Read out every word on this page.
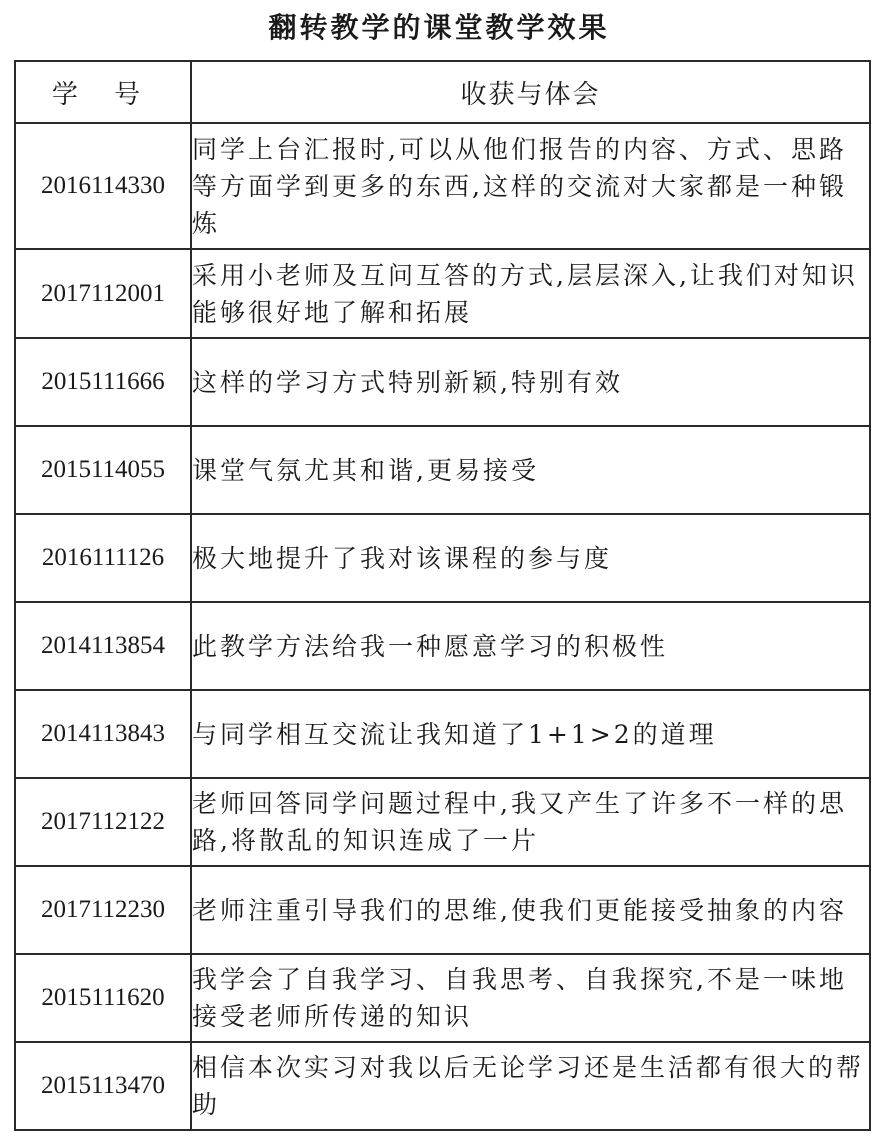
翻转教学的课堂教学效果
学 号	收获与体会
2016114330	同学上台汇报时,可以从他们报告的内容、方式、思路等方面学到更多的东西,这样的交流对大家都是一种锻炼
2017112001	采用小老师及互问互答的方式,层层深入,让我们对知识能够很好地了解和拓展
2015111666	这样的学习方式特别新颖,特别有效
2015114055	课堂气氛尤其和谐,更易接受
2016111126	极大地提升了我对该课程的参与度
2014113854	此教学方法给我一种愿意学习的积极性
2014113843	与同学相互交流让我知道了1+1>2的道理
2017112122	老师回答同学问题过程中,我又产生了许多不一样的思路,将散乱的知识连成了一片
2017112230	老师注重引导我们的思维,使我们更能接受抽象的内容
2015111620	我学会了自我学习、自我思考、自我探究,不是一味地接受老师所传递的知识
2015113470	相信本次实习对我以后无论学习还是生活都有很大的帮助
